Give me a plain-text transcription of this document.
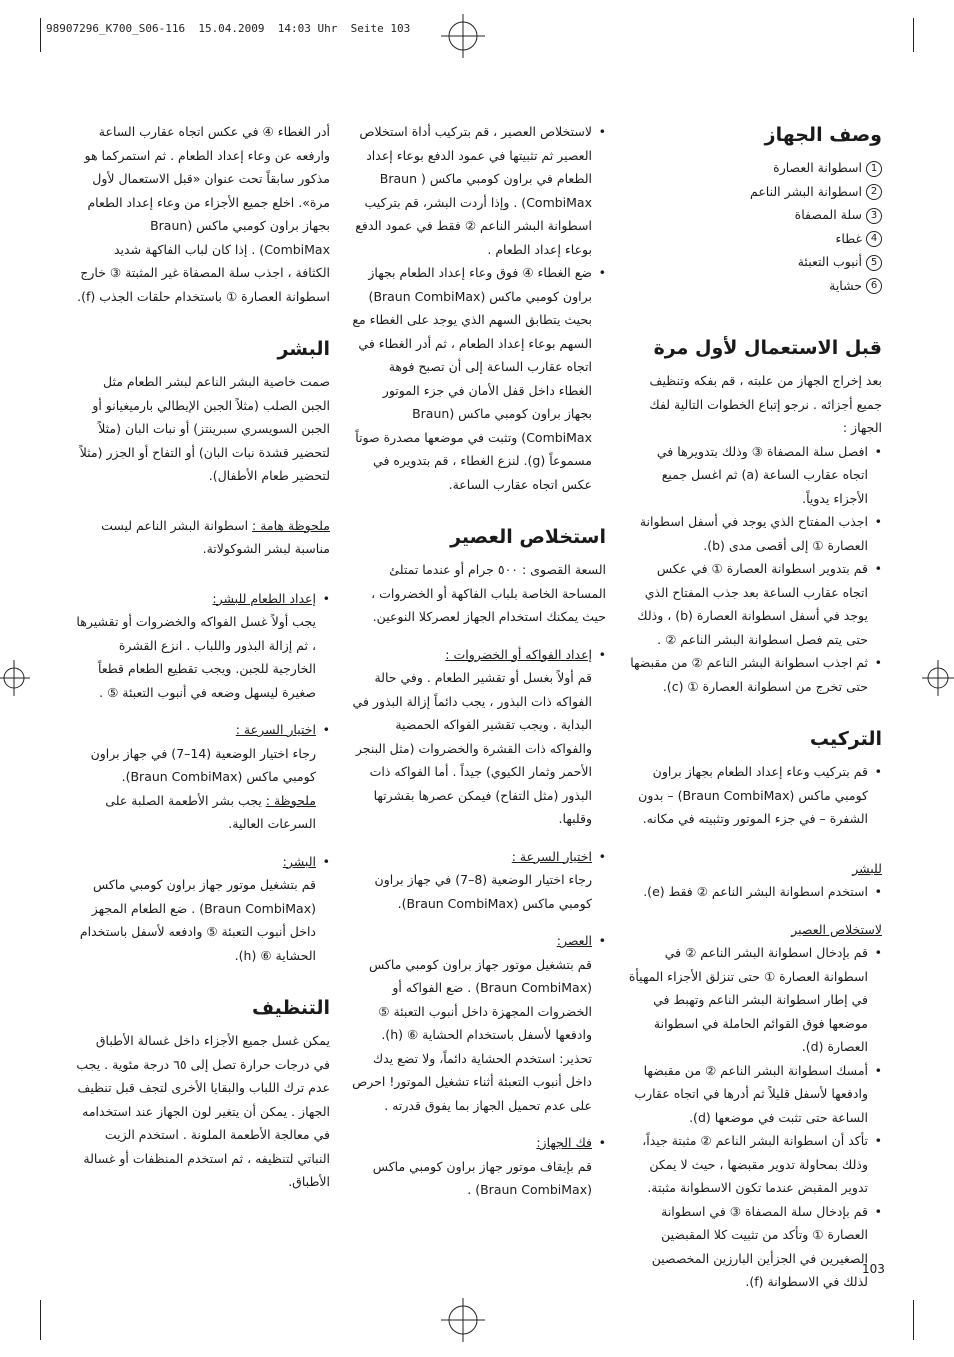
98907296_K700_S06-116  15.04.2009  14:03 Uhr  Seite 103
وصف الجهاز
1اسطوانة العصارة
2اسطوانة البشر الناعم
3سلة المصفاة
4غطاء
5أنبوب التعبئة
6حشاية
قبل الاستعمال لأول مرة

بعد إخراج الجهاز من علبته ، قم بفكه وتنظيف جميع أجزائه . نرجو إتباع الخطوات التالية لفك الجهاز :

• افصل سلة المصفاة ③ وذلك بتدويرها في اتجاه عقارب الساعة (a) ثم اغسل جميع الأجزاء يدوياً.
• اجذب المفتاح الذي يوجد في أسفل اسطوانة العصارة ① إلى أقصى مدى (b).
• قم بتدوير اسطوانة العصارة ① في عكس اتجاه عقارب الساعة بعد جذب المفتاح الذي يوجد في أسفل اسطوانة العصارة (b) ، وذلك حتى يتم فصل اسطوانة البشر الناعم ② .
• ثم اجذب اسطوانة البشر الناعم ② من مقبضها حتى تخرج من اسطوانة العصارة ① (c).
التركيب
• قم بتركيب وعاء إعداد الطعام بجهاز براون كومبي ماكس (Braun CombiMax) – بدون الشفرة – في جزء الموتور وتثبيته في مكانه.

للبشر

• استخدم اسطوانة البشر الناعم ② فقط (e).

لاستخلاص العصير

• قم بإدخال اسطوانة البشر الناعم ② في اسطوانة العصارة ① حتى تنزلق الأجزاء المهيأة في إطار اسطوانة البشر الناعم وتهبط في موضعها فوق القوائم الحاملة في اسطوانة العصارة (d).
• أمسك اسطوانة البشر الناعم ② من مقبضها وادفعها لأسفل قليلاً ثم أدرها في اتجاه عقارب الساعة حتى تثبت في موضعها (d).
• تأكد أن اسطوانة البشر الناعم ② مثبتة جيداً، وذلك بمحاولة تدوير مقبضها ، حيث لا يمكن تدوير المقبض عندما تكون الاسطوانة مثبتة.
• قم بإدخال سلة المصفاة ③ في اسطوانة العصارة ① وتأكد من تثبيت كلا المقبضين الصغيرين في الجزأين البارزين المخصصين لذلك في الاسطوانة (f).
• لاستخلاص العصير ، قم بتركيب أداة استخلاص العصير ثم تثبيتها في عمود الدفع بوعاء إعداد الطعام في براون كومبي ماكس ( Braun CombiMax) . وإذا أردت البشر، قم بتركيب اسطوانة البشر الناعم ② فقط في عمود الدفع بوعاء إعداد الطعام .
• ضع الغطاء ④ فوق وعاء إعداد الطعام بجهاز براون كومبي ماكس (Braun CombiMax) بحيث يتطابق السهم الذي يوجد على الغطاء مع السهم بوعاء إعداد الطعام ، ثم أدر الغطاء في اتجاه عقارب الساعة إلى أن تصبح فوهة الغطاء داخل قفل الأمان في جزء الموتور بجهاز براون كومبي ماكس (Braun CombiMax) وتثبت في موضعها مصدرة صوتاً مسموعاً (g). لنزع الغطاء ، قم بتدويره في عكس اتجاه عقارب الساعة.
استخلاص العصير

السعة القصوى : ٥٠٠ جرام أو عندما تمتلئ المساحة الخاصة بلباب الفاكهة أو الخضروات ، حيث يمكنك استخدام الجهاز لعصركلا النوعين.

• إعداد الفواكه أو الخضروات :
قم أولاً بغسل أو تقشير الطعام . وفي حالة الفواكه ذات البذور ، يجب دائماً إزالة البذور في البداية . ويجب تقشير الفواكه الحمضية والفواكه ذات القشرة والخضروات (مثل البنجر الأحمر وثمار الكيوي) جيداً . أما الفواكه ذات البذور (مثل التفاح) فيمكن عصرها بقشرتها وقلبها.
• اختيار السرعة :
رجاء اختيار الوضعية (8–7) في جهاز براون كومبي ماكس (Braun CombiMax).
• العصر:
قم بتشغيل موتور جهاز براون كومبي ماكس (Braun CombiMax) . ضع الفواكه أو الخضروات المجهزة داخل أنبوب التعبئة ⑤ وادفعها لأسفل باستخدام الحشاية ⑥ (h). تحذير: استخدم الحشاية دائماً، ولا تضع يدك داخل أنبوب التعبئة أثناء تشغيل الموتور! احرص على عدم تحميل الجهاز بما يفوق قدرته .
• فك الجهاز:
قم بإيقاف موتور جهاز براون كومبي ماكس (Braun CombiMax) .

أدر الغطاء ④ في عكس اتجاه عقارب الساعة وارفعه عن وعاء إعداد الطعام . ثم استمركما هو مذكور سابقاً تحت عنوان «قبل الاستعمال لأول مرة». اخلع جميع الأجزاء من وعاء إعداد الطعام بجهاز براون كومبي ماكس (Braun CombiMax) . إذا كان لباب الفاكهة شديد الكثافة ، اجذب سلة المصفاة غير المثبتة ③ خارج اسطوانة العصارة ① باستخدام حلقات الجذب (f).

البشر

صمت خاصية البشر الناعم لبشر الطعام مثل الجبن الصلب (مثلاً الجبن الإيطالي بارميغيانو أو الجبن السويسري سبرينتز) أو نبات البان (مثلاً لتحضير قشدة نبات البان) أو التفاح أو الجزر (مثلاً لتحضير طعام الأطفال).

ملحوظة هامة : اسطوانة البشر الناعم ليست مناسبة لبشر الشوكولاتة.

• إعداد الطعام للبشر:
يجب أولاً غسل الفواكه والخضروات أو تقشيرها ، ثم إزالة البذور واللباب . انزع القشرة الخارجية للجبن. ويجب تقطيع الطعام قطعاً صغيرة ليسهل وضعه في أنبوب التعبئة ⑤ .
• اختيار السرعة :
رجاء اختيار الوضعية (14–7) في جهاز براون كومبي ماكس (Braun CombiMax).
ملحوظة : يجب بشر الأطعمة الصلبة على السرعات العالية.
• البشر:
قم بتشغيل موتور جهاز براون كومبي ماكس (Braun CombiMax) . ضع الطعام المجهز داخل أنبوب التعبئة ⑤ وادفعه لأسفل باستخدام الحشاية ⑥ (h).
التنظيف

يمكن غسل جميع الأجزاء داخل غسالة الأطباق في درجات حرارة تصل إلى ٦٥ درجة مئوية . يجب عدم ترك اللباب والبقايا الأخرى لتجف قبل تنظيف الجهاز . يمكن أن يتغير لون الجهاز عند استخدامه في معالجة الأطعمة الملونة . استخدم الزيت النباتي لتنظيفه ، ثم استخدم المنظفات أو غسالة الأطباق.

103
